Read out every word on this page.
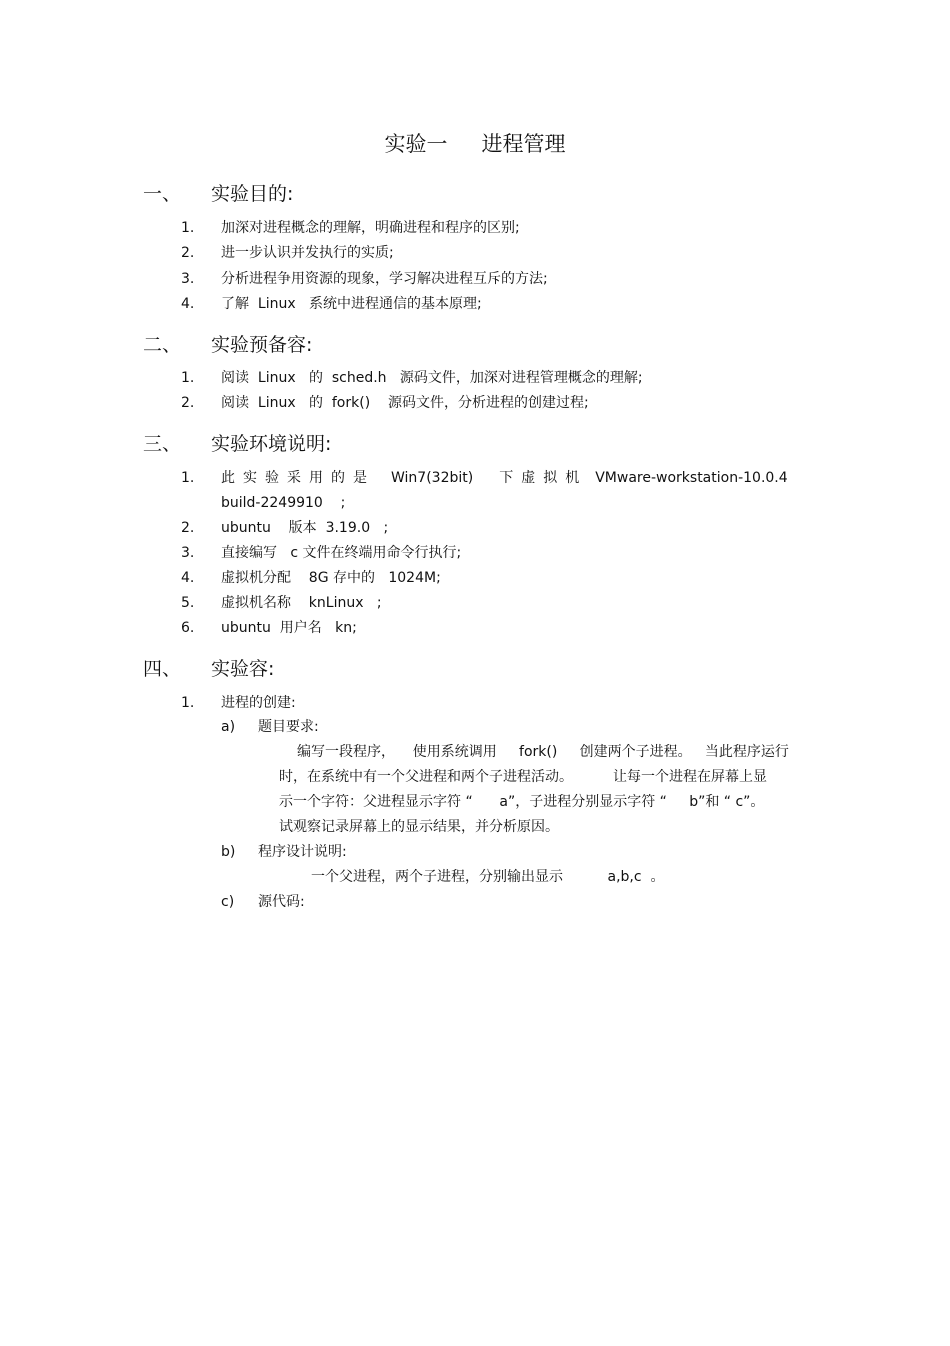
实验一 进程管理
一、 实验目的:
1. 加深对进程概念的理解，明确进程和程序的区别;
2. 进一步认识并发执行的实质;
3. 分析进程争用资源的现象，学习解决进程互斥的方法;
4. 了解  Linux   系统中进程通信的基本原理;
二、 实验预备容:
1. 阅读  Linux   的  sched.h   源码文件，加深对进程管理概念的理解;
2. 阅读  Linux   的  fork()    源码文件，分析进程的创建过程;
三、 实验环境说明:
1. 此实验采用的是 Win7(32bit) 下虚拟机 VMware-workstation-10.0.4
build-2249910    ;
2. ubuntu    版本  3.19.0   ;
3. 直接编写   c 文件在终端用命令行执行;
4. 虚拟机分配    8G 存中的   1024M;
5. 虚拟机名称    knLinux   ;
6. ubuntu  用户名   kn;
四、 实验容:
1. 进程的创建:
a) 题目要求:
编写一段程序，    使用系统调用     fork()     创建两个子进程。   当此程序运行
时，在系统中有一个父进程和两个子进程活动。         让每一个进程在屏幕上显
示一个字符：父进程显示字符 “      a”，子进程分别显示字符 “     b”和 “ c”。
试观察记录屏幕上的显示结果，并分析原因。
b) 程序设计说明:
一个父进程，两个子进程，分别输出显示          a,b,c  。
c) 源代码:
